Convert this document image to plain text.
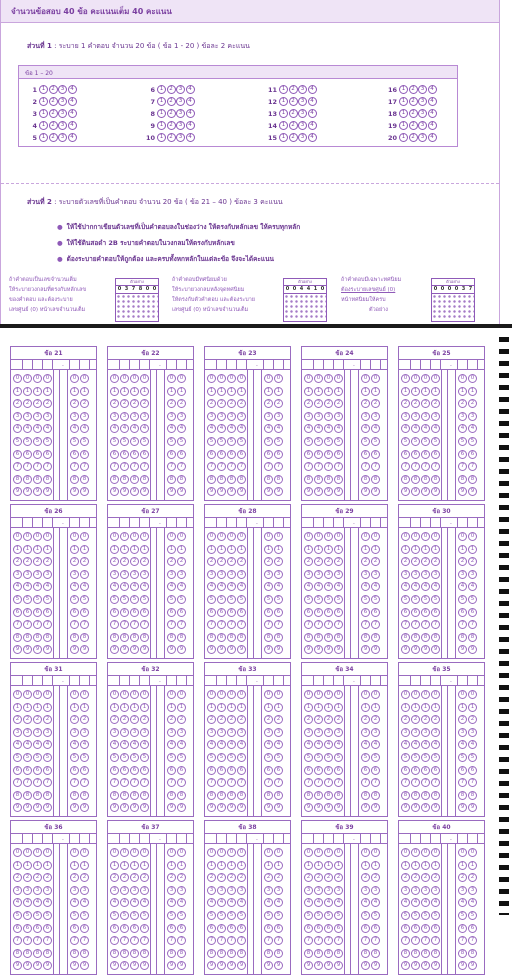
จำนวนข้อสอบ 40 ข้อ คะแนนเต็ม 40 คะแนน
ส่วนที่ 1 : ระบาย 1 คำตอบ จำนวน 20 ข้อ ( ข้อ 1 - 20 ) ข้อละ 2 คะแนน
ข้อ 1 – 20
1 1	2	3	4
2 1	2	3	4
3 1	2	3	4
4 1	2	3	4
5 1	2	3	4
6 1	2	3	4
7 1	2	3	4
8 1	2	3	4
9 1	2	3	4
10 1	2	3	4
11 1	2	3	4
12 1	2	3	4
13 1	2	3	4
14 1	2	3	4
15 1	2	3	4
16 1	2	3	4
17 1	2	3	4
18 1	2	3	4
19 1	2	3	4
20 1	2	3	4
ส่วนที่ 2 : ระบายตัวเลขที่เป็นคำตอบ จำนวน 20 ข้อ ( ข้อ 21 – 40 ) ข้อละ 3 คะแนน
● ให้ใช้ปากกาเขียนตัวเลขที่เป็นคำตอบลงในช่องว่าง ให้ตรงกับหลักเลข ให้ครบทุกหลัก
● ให้ใช้ดินสอดำ 2B ระบายคำตอบในวงกลมให้ตรงกับหลักเลข
● ต้องระบายคำตอบให้ถูกต้อง และครบทั้งหกหลักในแต่ละข้อ จึงจะได้คะแนน
ถ้าคำตอบเป็นเลขจำนวนเต็ม
ให้ระบายวงกลมที่ตรงกับหลักเลข
ของคำตอบ และต้องระบาย
เลขศูนย์ (0) หน้าเลขจำนวนเต็ม
ตัวอย่าง
0 3 7 8 0 0
ถ้าคำตอบมีทศนิยมด้วย
ให้ระบายวงกลมหลังจุดทศนิยม
ให้ตรงกับตัวคำตอบ และต้องระบาย
เลขศูนย์ (0) หน้าเลขจำนวนเต็ม
ตัวอย่าง
0 0 4 4 1 0
ถ้าคำตอบมีเฉพาะทศนิยม
ต้องระบายเลขศูนย์ (0)
หน้าทศนิยมให้ครบ
ตัวอย่าง
ตัวอย่าง
0 0 0 0 3 7
ข้อ 21
.
0	0	0	0	0	0
1	1	1	1	1	1
2	2	2	2	2	2
3	3	3	3	3	3
4	4	4	4	4	4
5	5	5	5	5	5
6	6	6	6	6	6
7	7	7	7	7	7
8	8	8	8	8	8
9	9	9	9	9	9
ข้อ 22
.
0	0	0	0	0	0
1	1	1	1	1	1
2	2	2	2	2	2
3	3	3	3	3	3
4	4	4	4	4	4
5	5	5	5	5	5
6	6	6	6	6	6
7	7	7	7	7	7
8	8	8	8	8	8
9	9	9	9	9	9
ข้อ 23
.
0	0	0	0	0	0
1	1	1	1	1	1
2	2	2	2	2	2
3	3	3	3	3	3
4	4	4	4	4	4
5	5	5	5	5	5
6	6	6	6	6	6
7	7	7	7	7	7
8	8	8	8	8	8
9	9	9	9	9	9
ข้อ 24
.
0	0	0	0	0	0
1	1	1	1	1	1
2	2	2	2	2	2
3	3	3	3	3	3
4	4	4	4	4	4
5	5	5	5	5	5
6	6	6	6	6	6
7	7	7	7	7	7
8	8	8	8	8	8
9	9	9	9	9	9
ข้อ 25
.
0	0	0	0	0	0
1	1	1	1	1	1
2	2	2	2	2	2
3	3	3	3	3	3
4	4	4	4	4	4
5	5	5	5	5	5
6	6	6	6	6	6
7	7	7	7	7	7
8	8	8	8	8	8
9	9	9	9	9	9
ข้อ 26
.
0	0	0	0	0	0
1	1	1	1	1	1
2	2	2	2	2	2
3	3	3	3	3	3
4	4	4	4	4	4
5	5	5	5	5	5
6	6	6	6	6	6
7	7	7	7	7	7
8	8	8	8	8	8
9	9	9	9	9	9
ข้อ 27
.
0	0	0	0	0	0
1	1	1	1	1	1
2	2	2	2	2	2
3	3	3	3	3	3
4	4	4	4	4	4
5	5	5	5	5	5
6	6	6	6	6	6
7	7	7	7	7	7
8	8	8	8	8	8
9	9	9	9	9	9
ข้อ 28
.
0	0	0	0	0	0
1	1	1	1	1	1
2	2	2	2	2	2
3	3	3	3	3	3
4	4	4	4	4	4
5	5	5	5	5	5
6	6	6	6	6	6
7	7	7	7	7	7
8	8	8	8	8	8
9	9	9	9	9	9
ข้อ 29
.
0	0	0	0	0	0
1	1	1	1	1	1
2	2	2	2	2	2
3	3	3	3	3	3
4	4	4	4	4	4
5	5	5	5	5	5
6	6	6	6	6	6
7	7	7	7	7	7
8	8	8	8	8	8
9	9	9	9	9	9
ข้อ 30
.
0	0	0	0	0	0
1	1	1	1	1	1
2	2	2	2	2	2
3	3	3	3	3	3
4	4	4	4	4	4
5	5	5	5	5	5
6	6	6	6	6	6
7	7	7	7	7	7
8	8	8	8	8	8
9	9	9	9	9	9
ข้อ 31
.
0	0	0	0	0	0
1	1	1	1	1	1
2	2	2	2	2	2
3	3	3	3	3	3
4	4	4	4	4	4
5	5	5	5	5	5
6	6	6	6	6	6
7	7	7	7	7	7
8	8	8	8	8	8
9	9	9	9	9	9
ข้อ 32
.
0	0	0	0	0	0
1	1	1	1	1	1
2	2	2	2	2	2
3	3	3	3	3	3
4	4	4	4	4	4
5	5	5	5	5	5
6	6	6	6	6	6
7	7	7	7	7	7
8	8	8	8	8	8
9	9	9	9	9	9
ข้อ 33
.
0	0	0	0	0	0
1	1	1	1	1	1
2	2	2	2	2	2
3	3	3	3	3	3
4	4	4	4	4	4
5	5	5	5	5	5
6	6	6	6	6	6
7	7	7	7	7	7
8	8	8	8	8	8
9	9	9	9	9	9
ข้อ 34
.
0	0	0	0	0	0
1	1	1	1	1	1
2	2	2	2	2	2
3	3	3	3	3	3
4	4	4	4	4	4
5	5	5	5	5	5
6	6	6	6	6	6
7	7	7	7	7	7
8	8	8	8	8	8
9	9	9	9	9	9
ข้อ 35
.
0	0	0	0	0	0
1	1	1	1	1	1
2	2	2	2	2	2
3	3	3	3	3	3
4	4	4	4	4	4
5	5	5	5	5	5
6	6	6	6	6	6
7	7	7	7	7	7
8	8	8	8	8	8
9	9	9	9	9	9
ข้อ 36
.
0	0	0	0	0	0
1	1	1	1	1	1
2	2	2	2	2	2
3	3	3	3	3	3
4	4	4	4	4	4
5	5	5	5	5	5
6	6	6	6	6	6
7	7	7	7	7	7
8	8	8	8	8	8
9	9	9	9	9	9
ข้อ 37
.
0	0	0	0	0	0
1	1	1	1	1	1
2	2	2	2	2	2
3	3	3	3	3	3
4	4	4	4	4	4
5	5	5	5	5	5
6	6	6	6	6	6
7	7	7	7	7	7
8	8	8	8	8	8
9	9	9	9	9	9
ข้อ 38
.
0	0	0	0	0	0
1	1	1	1	1	1
2	2	2	2	2	2
3	3	3	3	3	3
4	4	4	4	4	4
5	5	5	5	5	5
6	6	6	6	6	6
7	7	7	7	7	7
8	8	8	8	8	8
9	9	9	9	9	9
ข้อ 39
.
0	0	0	0	0	0
1	1	1	1	1	1
2	2	2	2	2	2
3	3	3	3	3	3
4	4	4	4	4	4
5	5	5	5	5	5
6	6	6	6	6	6
7	7	7	7	7	7
8	8	8	8	8	8
9	9	9	9	9	9
ข้อ 40
.
0	0	0	0	0	0
1	1	1	1	1	1
2	2	2	2	2	2
3	3	3	3	3	3
4	4	4	4	4	4
5	5	5	5	5	5
6	6	6	6	6	6
7	7	7	7	7	7
8	8	8	8	8	8
9	9	9	9	9	9
